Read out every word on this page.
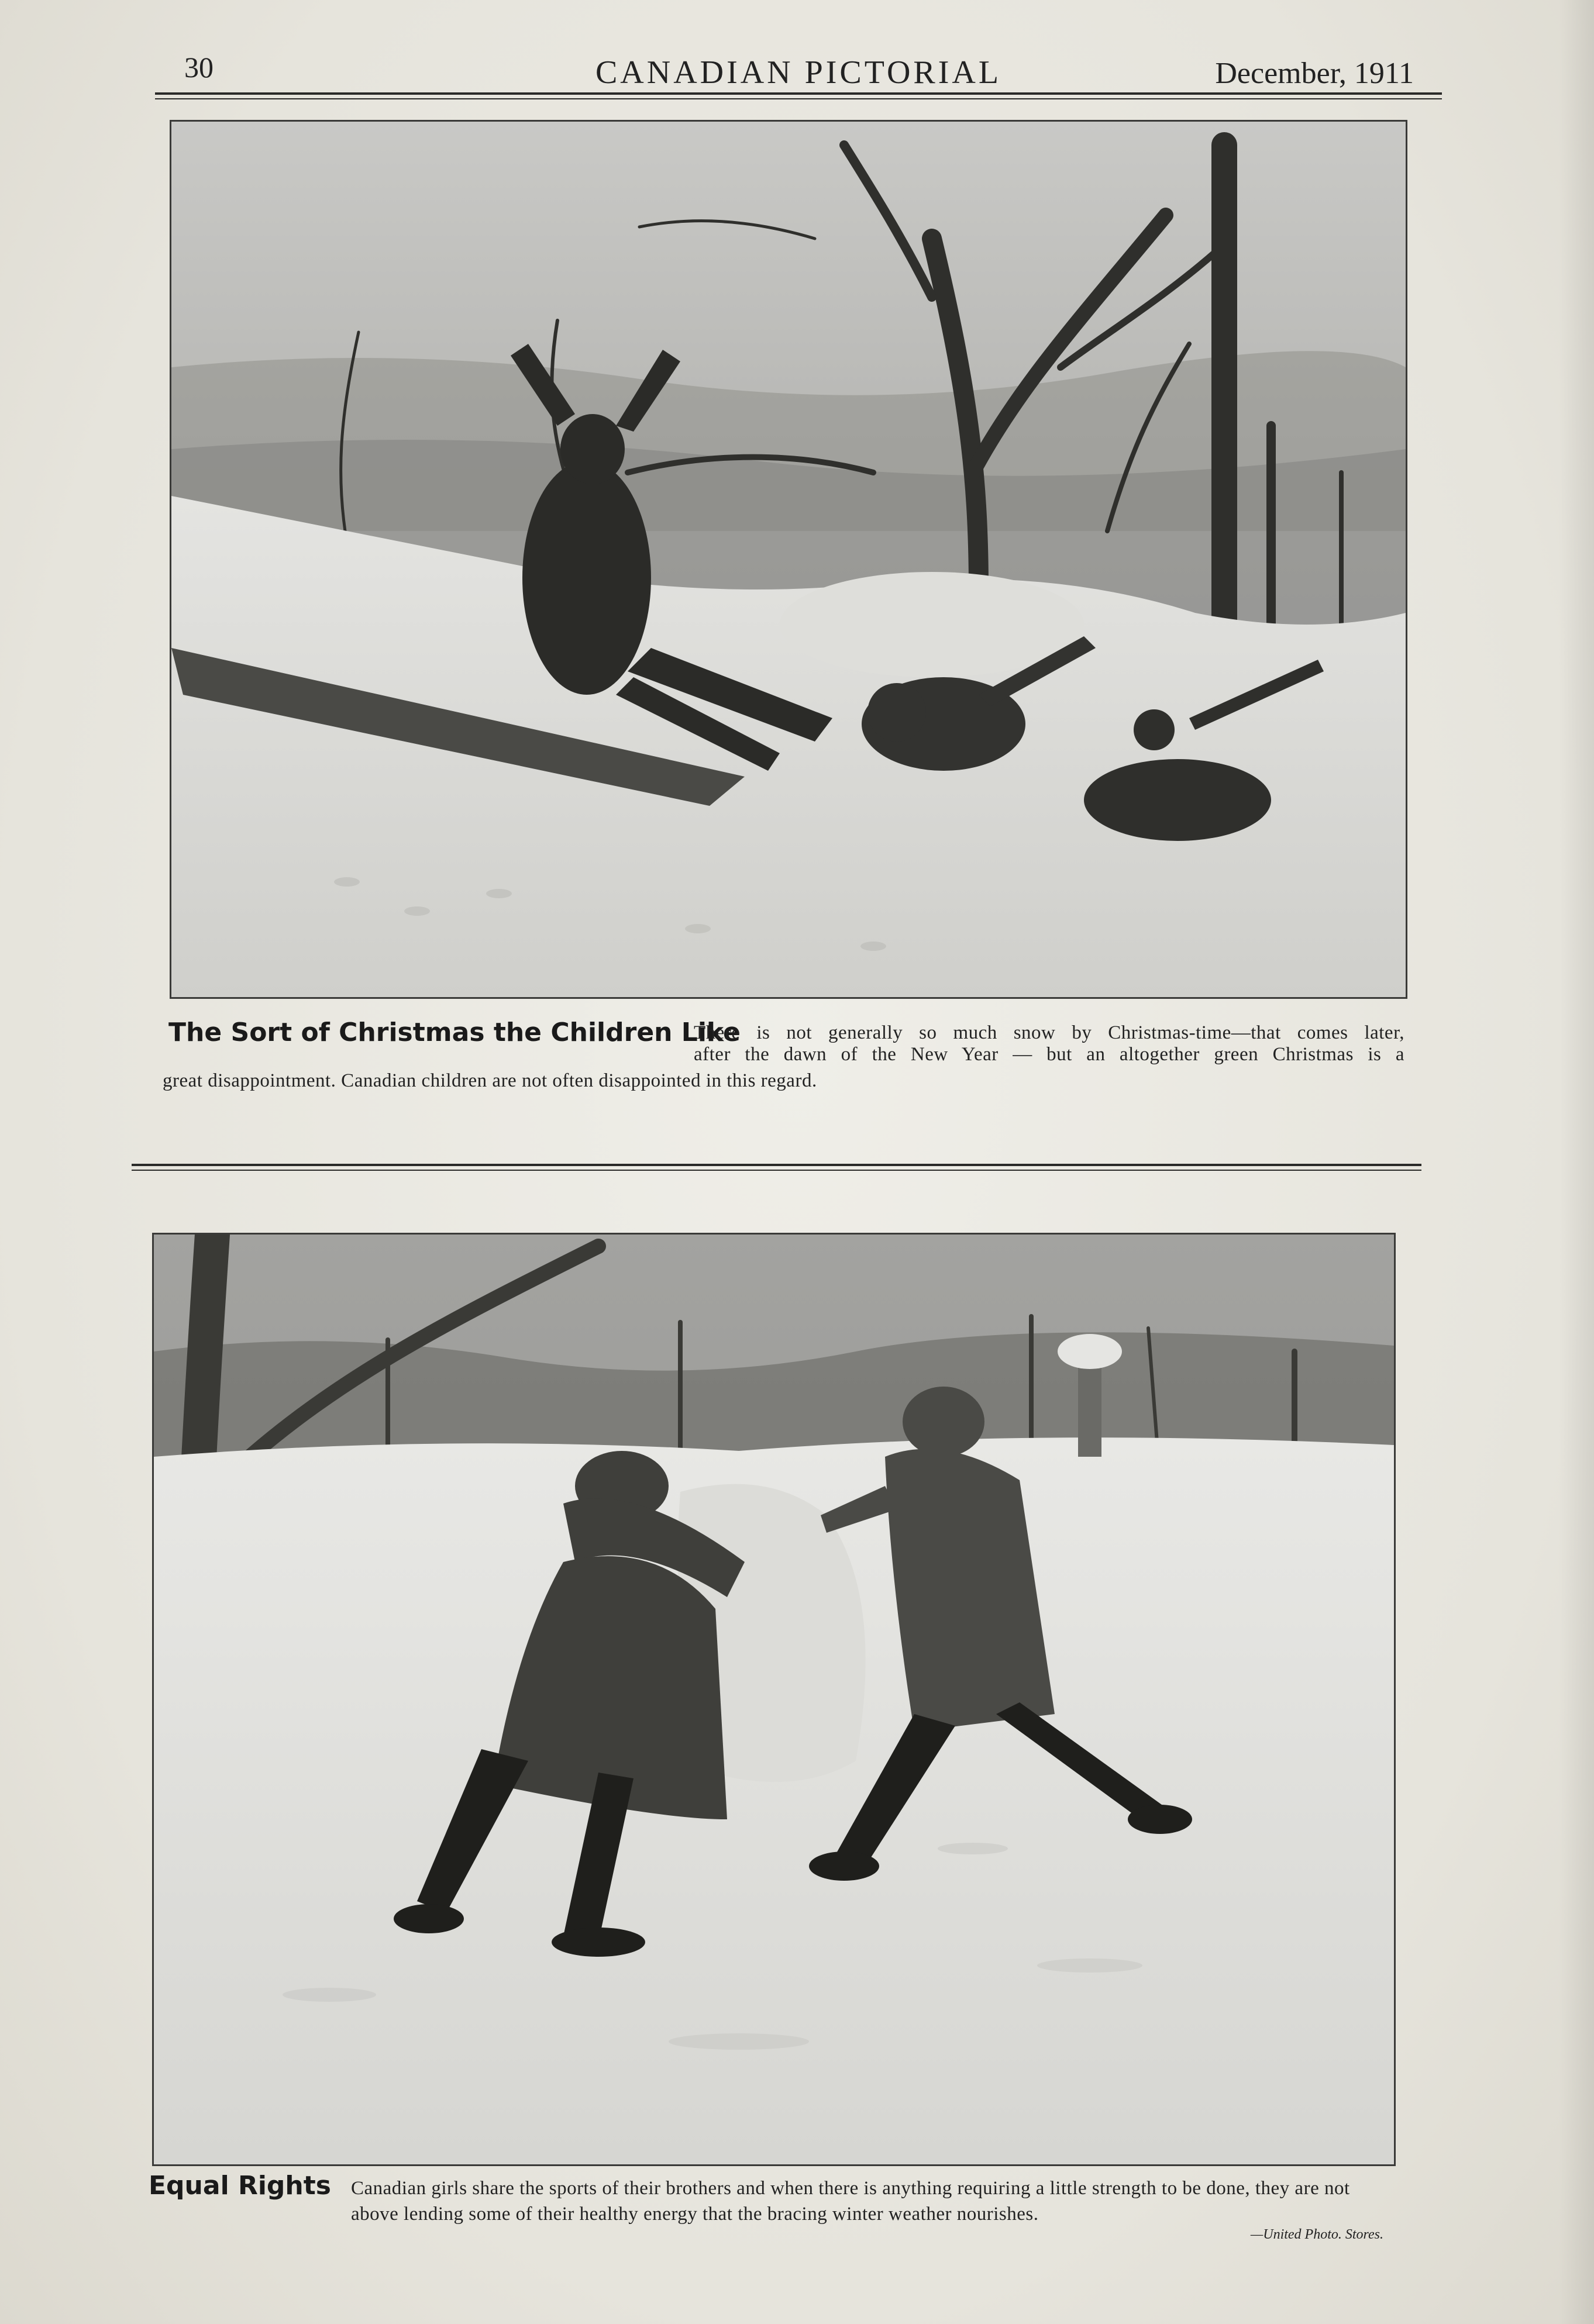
30	CANADIAN PICTORIAL	December, 1911
The Sort of Christmas the Children Like
There is not generally so much snow by Christmas-time—that comes later,
after the dawn of the New Year — but an altogether green Christmas is a
great disappointment. Canadian children are not often disappointed in this regard.
Equal Rights Canadian girls share the sports of their brothers and when there is anything requiring a little strength to be done, they are not above lending some of their healthy energy that the bracing winter weather nourishes.
—United Photo. Stores.
